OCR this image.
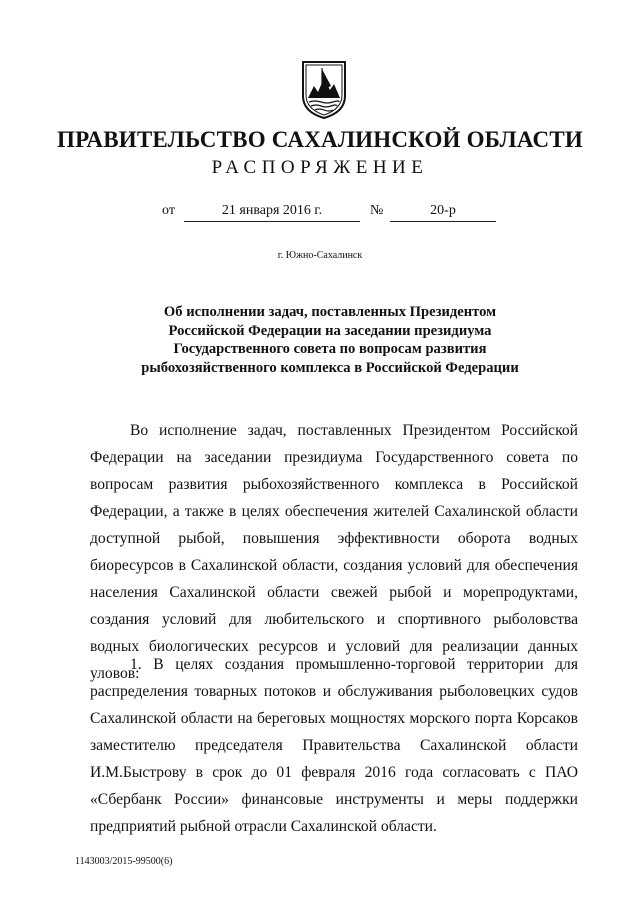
ПРАВИТЕЛЬСТВО САХАЛИНСКОЙ ОБЛАСТИ
РАСПОРЯЖЕНИЕ
от	21 января 2016 г.	№	20-р
г. Южно-Сахалинск
Об исполнении задач, поставленных Президентом Российской Федерации на заседании президиума Государственного совета по вопросам развития рыбохозяйственного комплекса в Российской Федерации

Во исполнение задач, поставленных Президентом Российской Федерации на заседании президиума Государственного совета по вопросам развития рыбохозяйственного комплекса в Российской Федерации, а также в целях обеспечения жителей Сахалинской области доступной рыбой, повышения эффективности оборота водных биоресурсов в Сахалинской области, создания условий для обеспечения населения Сахалинской области свежей рыбой и морепродуктами, создания условий для любительского и спортивного рыболовства водных биологических ресурсов и условий для реализации данных уловов:

1. В целях создания промышленно-торговой территории для распределения товарных потоков и обслуживания рыболовецких судов Сахалинской области на береговых мощностях морского порта Корсаков заместителю председателя Правительства Сахалинской области И.М.Быстрову в срок до 01 февраля 2016 года согласовать с ПАО «Сбербанк России» финансовые инструменты и меры поддержки предприятий рыбной отрасли Сахалинской области.

1143003/2015-99500(6)
